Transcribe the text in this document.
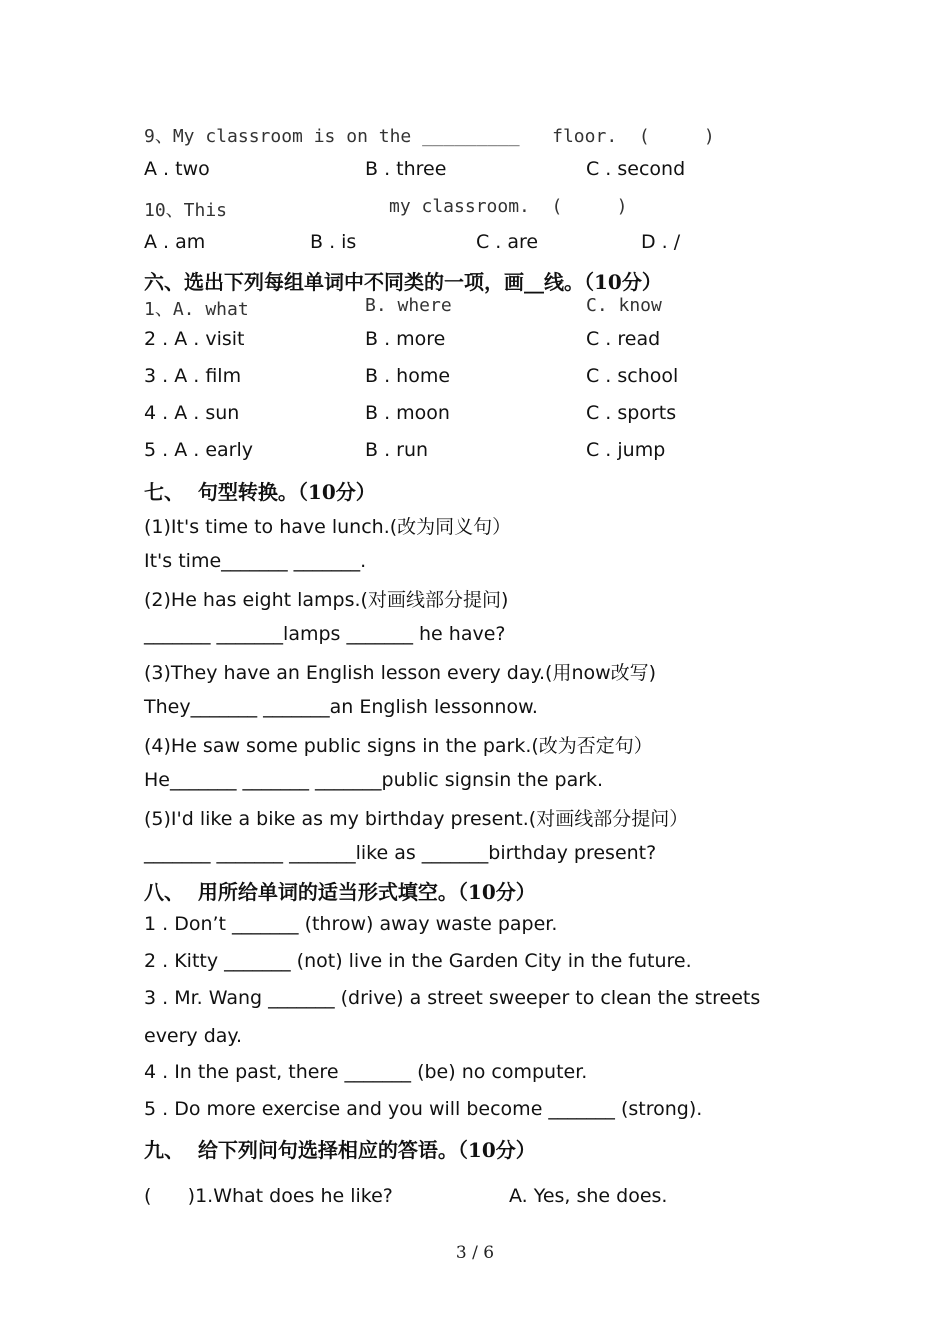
9、My classroom is on the _________   floor.  (     )
A . two	B . three	C . second
10、This	my classroom.  (     )
A . am	B . is	C . are	D . /
六、选出下列每组单词中不同类的一项，画__线。（10分）
1、A. what	B. where	C. know
2 . A . visit	B . more	C . read
3 . A . film	B . home	C . school
4 . A . sun	B . moon	C . sports
5 . A . early	B . run	C . jump
七、  句型转换。（10分）
(1)It's time to have lunch.(改为同义句）
It's time_______ _______.
(2)He has eight lamps.(对画线部分提问)
_______ _______lamps _______ he have?
(3)They have an English lesson every day.(用now改写)
They_______ _______an English lessonnow.
(4)He saw some public signs in the park.(改为否定句）
He_______ _______ _______public signsin the park.
(5)I'd like a bike as my birthday present.(对画线部分提问）
_______ _______ _______like as _______birthday present?
八、  用所给单词的适当形式填空。（10分）
1 . Don’t _______ (throw) away waste paper.
2 . Kitty _______ (not) live in the Garden City in the future.
3 . Mr. Wang _______ (drive) a street sweeper to clean the streets
every day.
4 . In the past, there _______ (be) no computer.
5 . Do more exercise and you will become _______ (strong).
九、  给下列问句选择相应的答语。（10分）
(      )1.What does he like?	A. Yes, she does.
3 / 6
